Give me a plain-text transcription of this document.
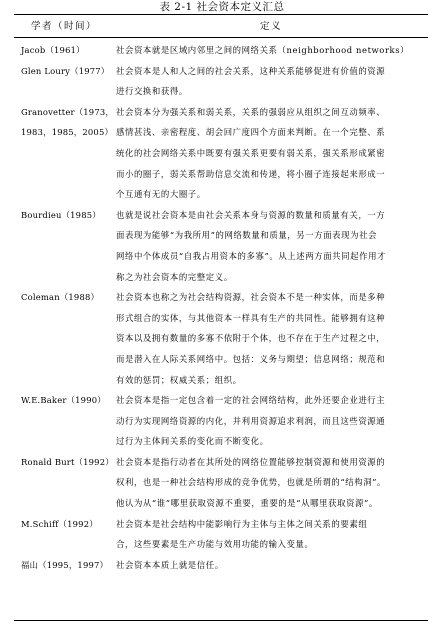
表 2-1 社会资本定义汇总
学者（时间）	定义
Jacob（1961）	社会资本就是区域内邻里之间的网络关系（neighborhood networks）
Glen Loury（1977） 社会资本是人和人之间的社会关系，这种关系能够促进有价值的资源
进行交换和获得。
Granovetter（1973，
1983，1985，2005）
社会资本分为强关系和弱关系，关系的强弱应从组织之间互动频率、
感情甚浅、亲密程度、胡会回广度四个方面来判断。在一个完整、系
统化的社会网络关系中既要有强关系更要有弱关系，强关系形成紧密
而小的圈子，弱关系帮助信息交流和传递，将小圈子连接起来形成一
个互通有无的大圈子。
Bourdieu（1985）	也就是说社会资本是由社会关系本身与资源的数量和质量有关，一方
面表现为能够“为我所用”的网络数量和质量，另一方面表现为社会
网络中个体成员“自我占用资本的多寡”。从上述两方面共同起作用才
称之为社会资本的完整定义。
Coleman（1988）	社会资本也称之为社会结构资源，社会资本不是一种实体，而是多种
形式组合的实体，与其他资本一样具有生产的共同性。能够拥有这种
资本以及拥有数量的多寡不依附于个体，也不存在于生产过程之中，
而是潜入在人际关系网络中。包括：义务与期望；信息网络；规范和
有效的惩罚；权威关系；组织。
W.E.Baker（1990）	社会资本是指一定包含着一定的社会网络结构，此外还要企业进行主
动行为实现网络资源的内化，并利用资源追求利润，而且这些资源通
过行为主体间关系的变化而不断变化。
Ronald Burt（1992） 社会资本是指行动者在其所处的网络位置能够控制资源和使用资源的
权利，也是一种社会结构形成的竞争优势，也就是所谓的“结构洞”。
他认为从“谁”哪里获取资源不重要，重要的是“从哪里获取资源”。
M.Schiff（1992）	社会资本是社会结构中能影响行为主体与主体之间关系的要素组
合，这些要素是生产功能与效用功能的输入变量。
福山（1995，1997） 社会资本本质上就是信任。
